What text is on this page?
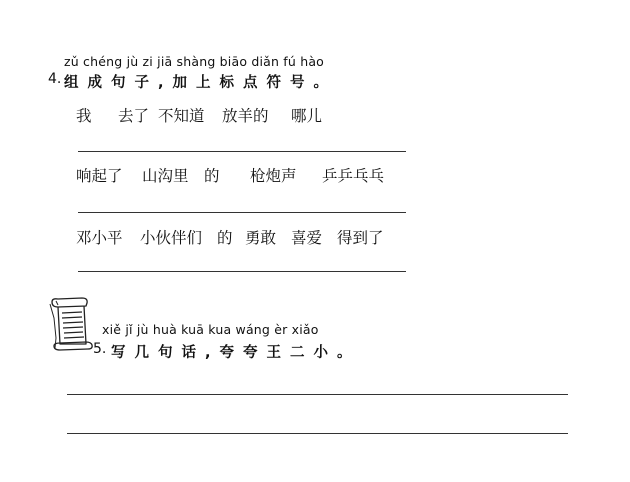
zǔ chéng jù zi jiā shàng biāo diǎn fú hào
4. 组成句子,加上标点符号。
我 去了 不知道 放羊的 哪儿
响起了 山沟里 的 枪炮声 乒乒乓乓
邓小平 小伙伴们 的 勇敢 喜爱 得到了
xiě jǐ jù huà kuā kua wáng èr xiǎo
5. 写几句话,夸夸王二小。
